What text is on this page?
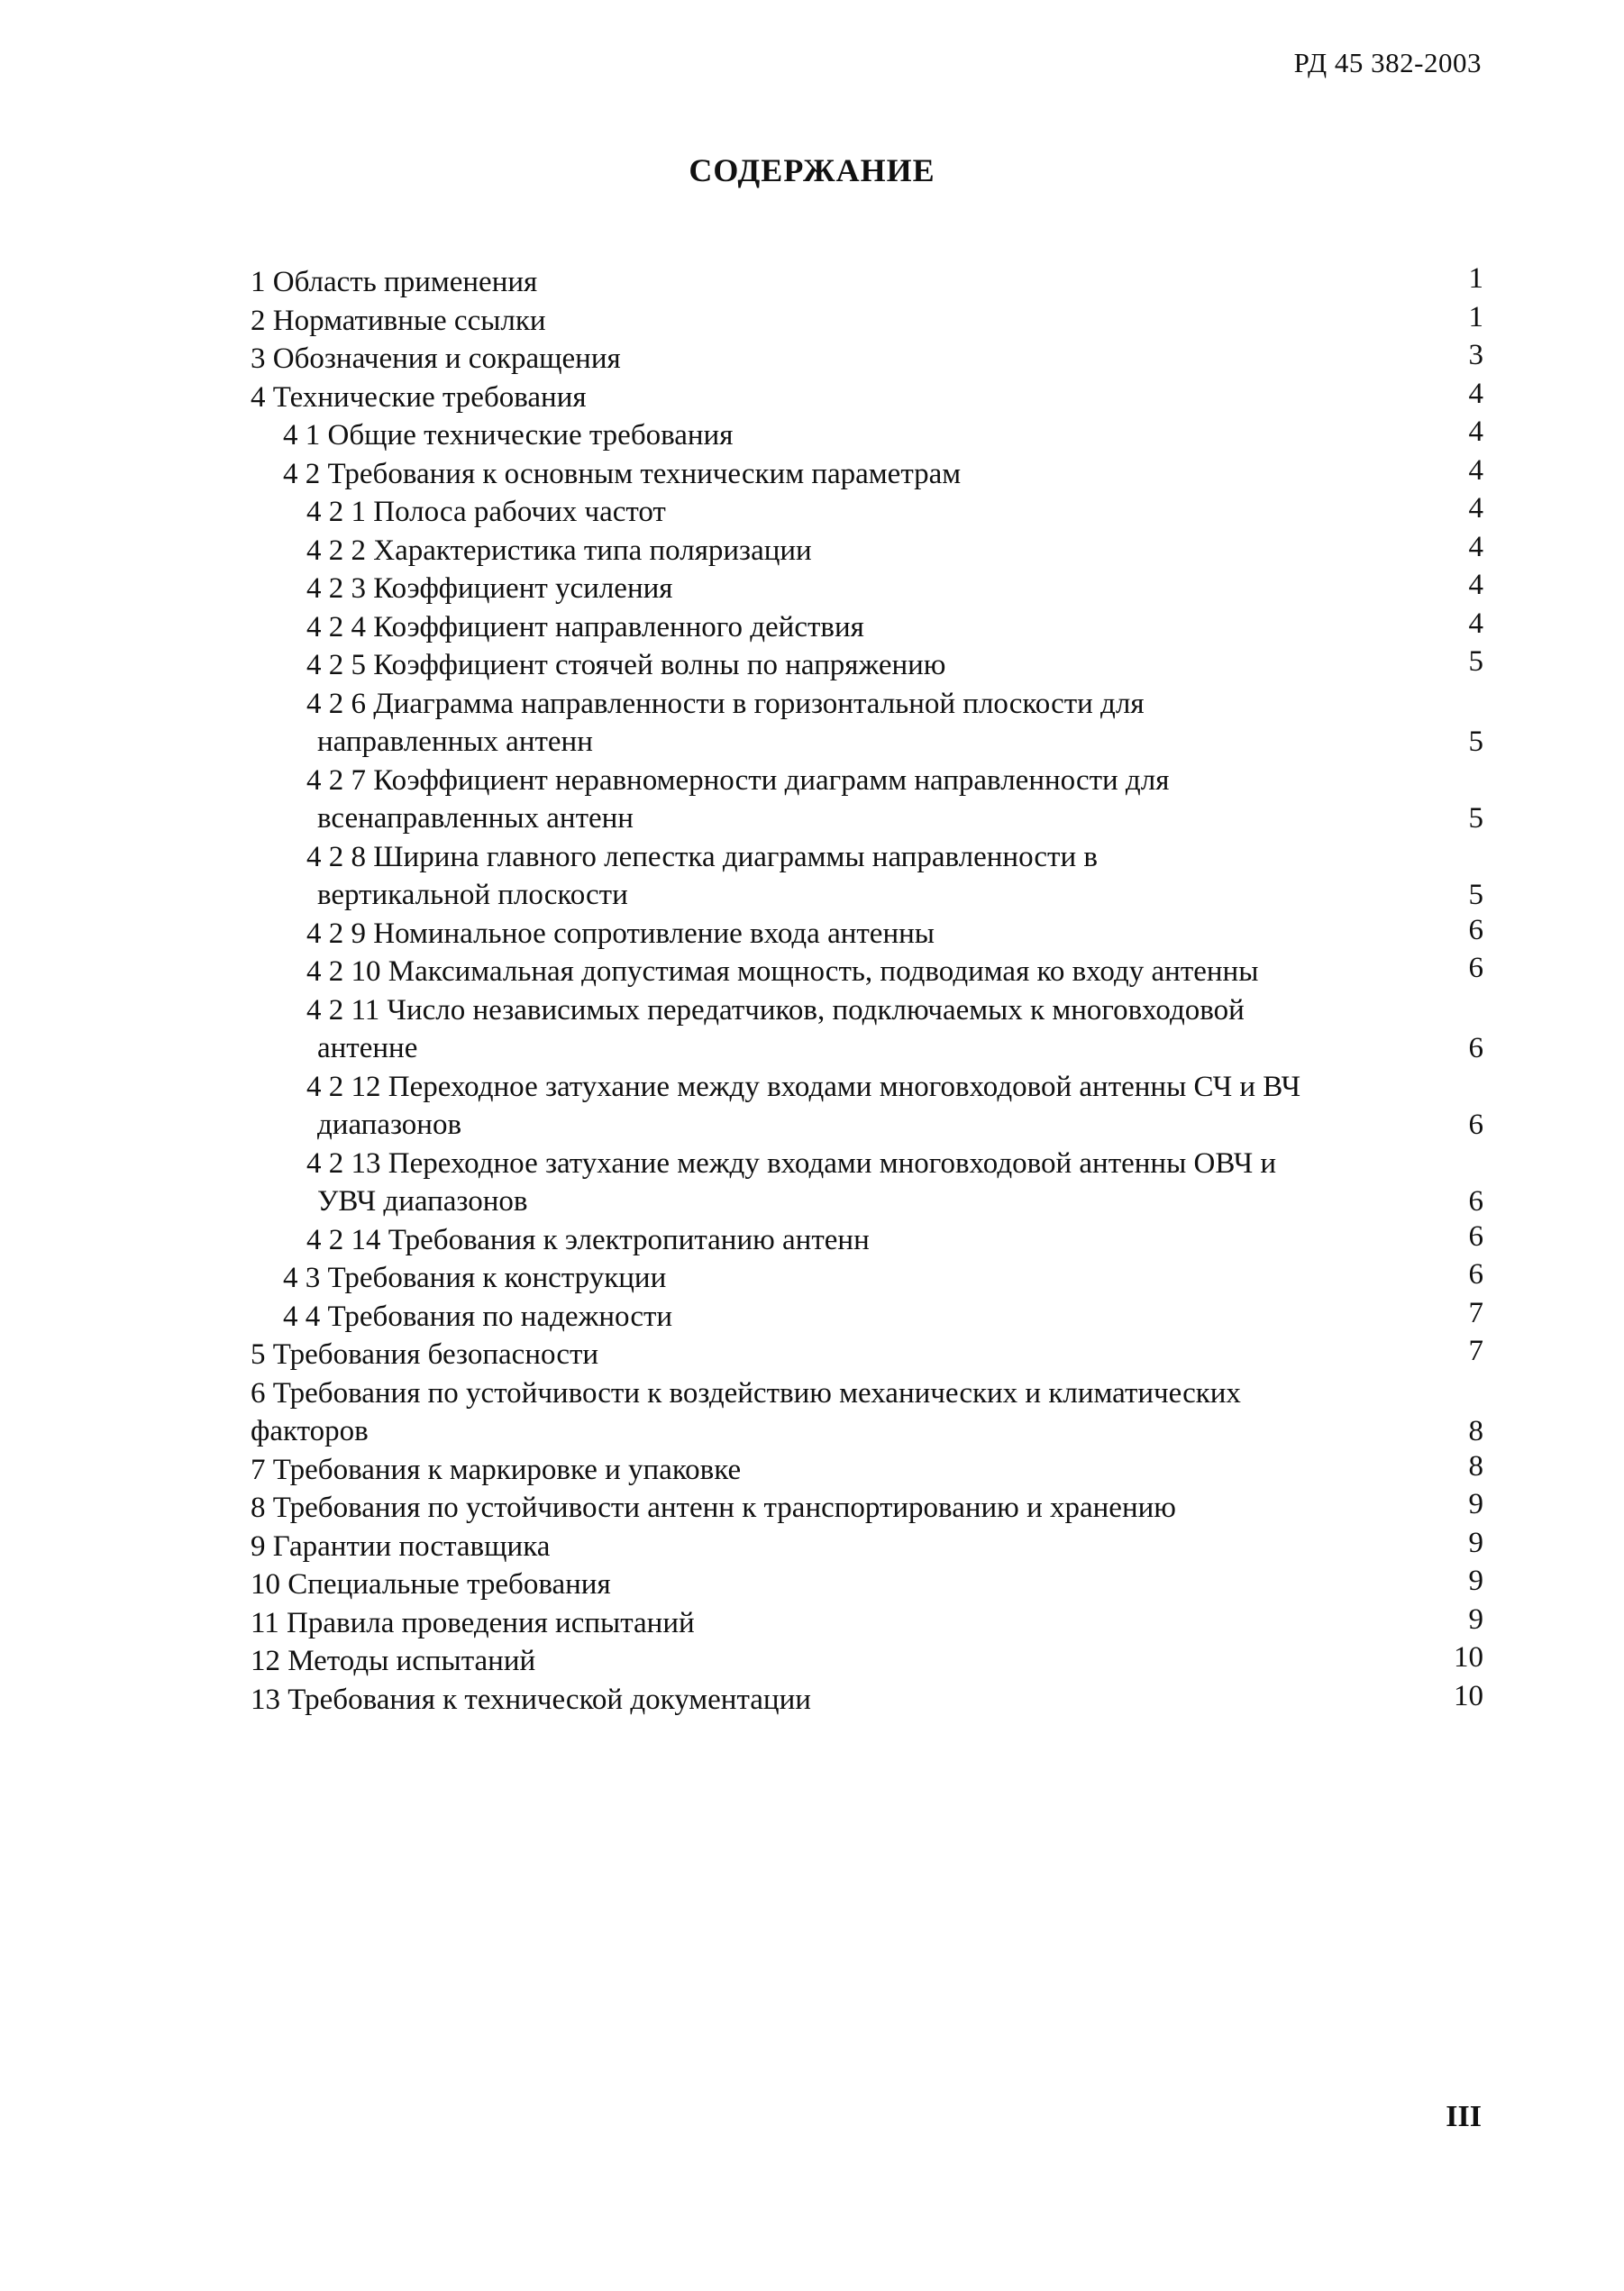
РД 45 382-2003
СОДЕРЖАНИЕ
1 Область применения	1
2 Нормативные ссылки	1
3 Обозначения и сокращения	3
4 Технические требования	4
4 1 Общие технические требования	4
4 2 Требования к основным техническим параметрам	4
4 2 1 Полоса рабочих частот	4
4 2 2 Характеристика типа поляризации	4
4 2 3 Коэффициент усиления	4
4 2 4 Коэффициент направленного действия	4
4 2 5 Коэффициент стоячей волны по напряжению	5
4 2 6 Диаграмма направленности в горизонтальной плоскости для
направленных антенн	5
4 2 7 Коэффициент неравномерности диаграмм направленности для
всенаправленных антенн	5
4 2 8 Ширина главного лепестка диаграммы направленности в
вертикальной плоскости	5
4 2 9 Номинальное сопротивление входа антенны	6
4 2 10 Максимальная допустимая мощность, подводимая ко входу антенны	6
4 2 11 Число независимых передатчиков, подключаемых к многовходовой
антенне	6
4 2 12 Переходное затухание между входами многовходовой антенны СЧ и ВЧ
диапазонов	6
4 2 13 Переходное затухание между входами многовходовой антенны ОВЧ и
УВЧ диапазонов	6
4 2 14 Требования к электропитанию антенн	6
4 3 Требования к конструкции	6
4 4 Требования по надежности	7
5 Требования безопасности	7
6 Требования по устойчивости к воздействию механических и климатических
факторов	8
7 Требования к маркировке и упаковке	8
8 Требования по устойчивости антенн к транспортированию и хранению	9
9 Гарантии поставщика	9
10 Специальные требования	9
11 Правила проведения испытаний	9
12 Методы испытаний	10
13 Требования к технической документации	10
III
